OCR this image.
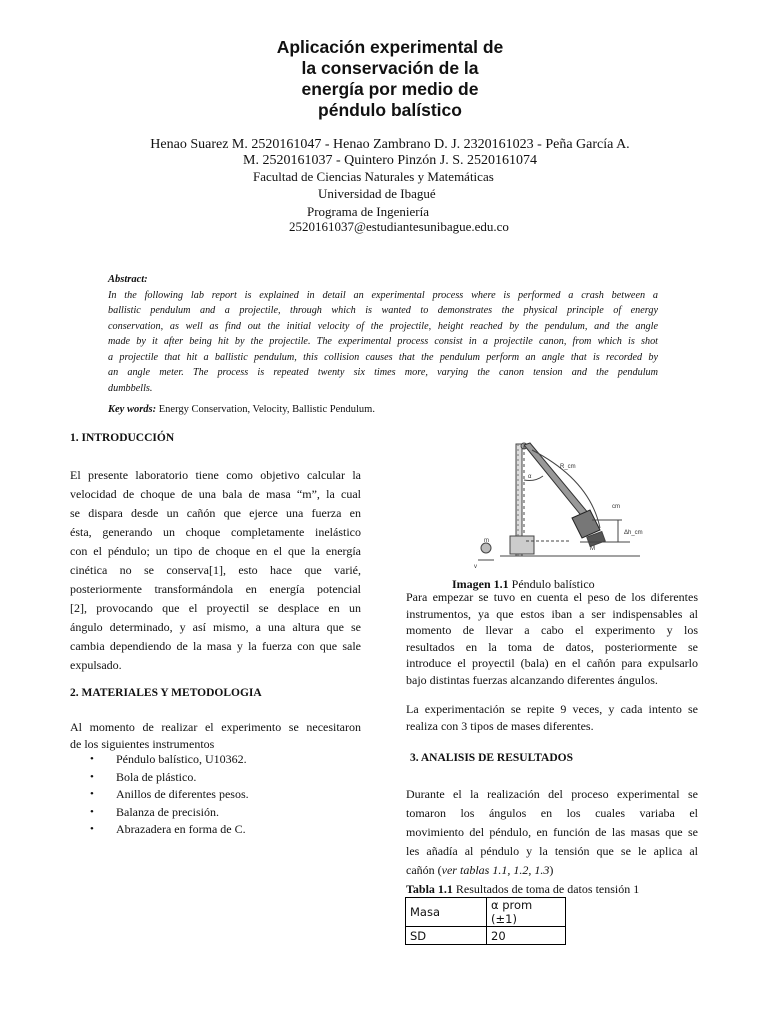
Aplicación experimental de
la conservación de la
energía por medio de
péndulo balístico
Henao Suarez M. 2520161047 - Henao Zambrano D. J. 2320161023 - Peña García A.
M. 2520161037 - Quintero Pinzón J. S. 2520161074
Facultad de Ciencias Naturales y Matemáticas
Universidad de Ibagué
Programa de Ingeniería
2520161037@estudiantesunibague.edu.co
Abstract:
In the following lab report is explained in detail an experimental process where is performed a crash between a
ballistic pendulum and a projectile, through which is wanted to demonstrates the physical principle of energy
conservation, as well as find out the initial velocity of the projectile, height reached by the pendulum, and the angle
made by it after being hit by the projectile. The experimental process consist in a projectile canon, from which is shot
a projectile that hit a ballistic pendulum, this collision causes that the pendulum perform an angle that is recorded by
an angle meter. The process is repeated twenty six times more, varying the canon tension and the pendulum
dumbbells.
Key words: Energy Conservation, Velocity, Ballistic Pendulum.
1. INTRODUCCIÓN
El presente laboratorio tiene como objetivo calcular la
velocidad de choque de una bala de masa “m”, la cual
se dispara desde un cañón que ejerce una fuerza en
ésta, generando un choque completamente inelástico
con el péndulo; un tipo de choque en el que la energía
cinética no se conserva[1], esto hace que varié,
posteriormente transformándola en energía potencial
[2], provocando que el proyectil se desplace en un
ángulo determinado, y así mismo, a una altura que se
cambia dependiendo de la masa y la fuerza con que sale
expulsado.
2. MATERIALES Y METODOLOGIA
Al momento de realizar el experimento se necesitaron
de los siguientes instrumentos
• Péndulo balístico, U10362.
• Bola de plástico.
• Anillos de diferentes pesos.
• Balanza de precisión.
• Abrazadera en forma de C.
R_cm
α
cm
M
m
v
Δh_cm
Imagen 1.1 Péndulo balístico
Para empezar se tuvo en cuenta el peso de los diferentes
instrumentos, ya que estos iban a ser indispensables al
momento de llevar a cabo el experimento y los
resultados en la toma de datos, posteriormente se
introduce el proyectil (bala) en el cañón para expulsarlo
bajo distintas fuerzas alcanzando diferentes ángulos.
La experimentación se repite 9 veces, y cada intento se
realiza con 3 tipos de mases diferentes.
3. ANALISIS DE RESULTADOS
Durante el la realización del proceso experimental se
tomaron los ángulos en los cuales variaba el
movimiento del péndulo, en función de las masas que se
les añadía al péndulo y la tensión que se le aplica al
cañón (ver tablas 1.1, 1.2, 1.3)
Tabla 1.1 Resultados de toma de datos tensión 1
Masa	α prom (±1)
SD	20
